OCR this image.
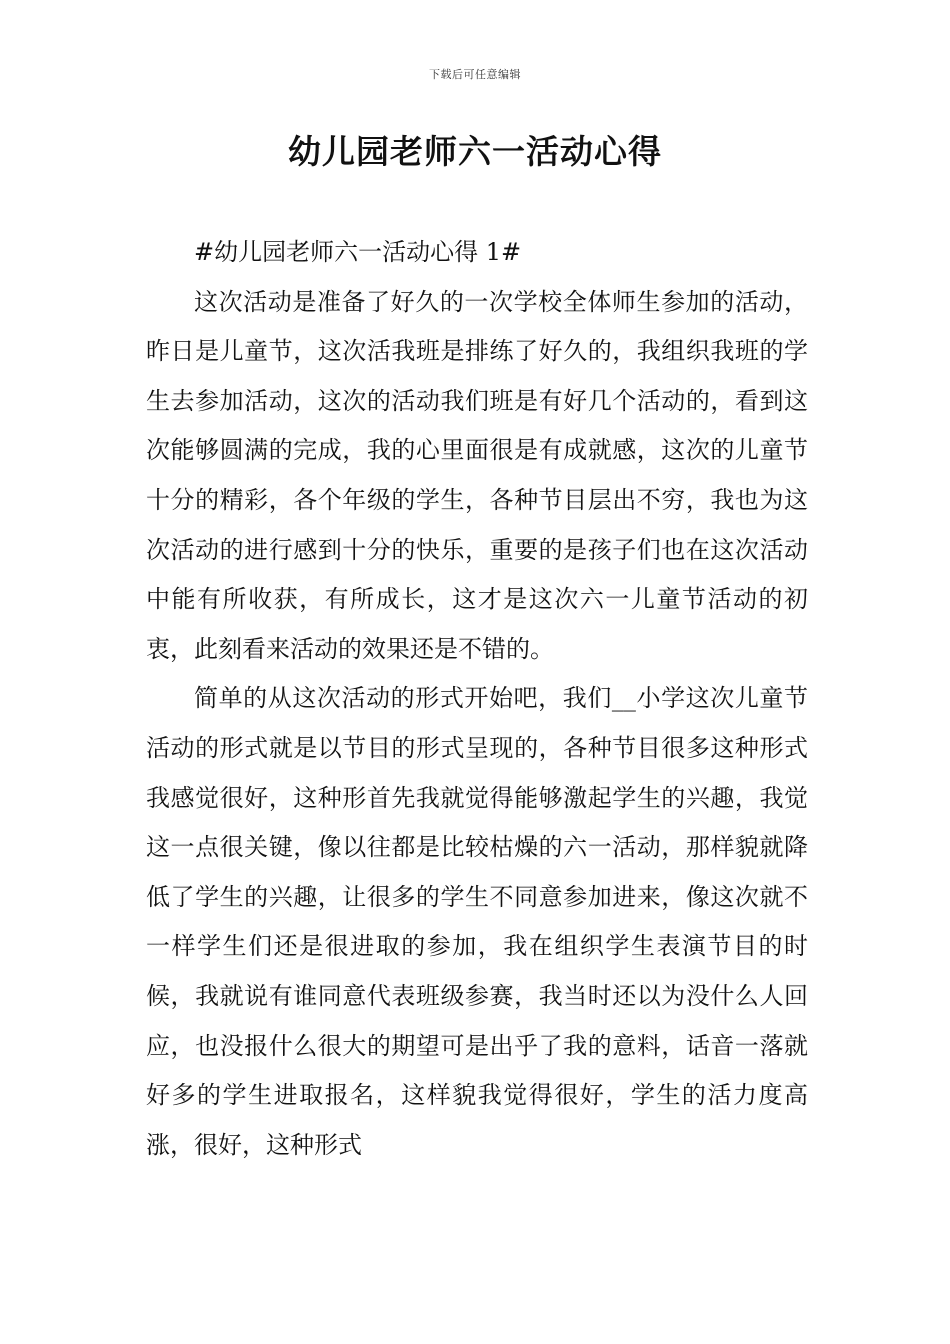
下载后可任意编辑
幼儿园老师六一活动心得

#幼儿园老师六一活动心得 1#

这次活动是准备了好久的一次学校全体师生参加的活动，昨日是儿童节，这次活我班是排练了好久的，我组织我班的学生去参加活动，这次的活动我们班是有好几个活动的，看到这次能够圆满的完成，我的心里面很是有成就感，这次的儿童节十分的精彩，各个年级的学生，各种节目层出不穷，我也为这次活动的进行感到十分的快乐，重要的是孩子们也在这次活动中能有所收获，有所成长，这才是这次六一儿童节活动的初衷，此刻看来活动的效果还是不错的。

简单的从这次活动的形式开始吧，我们__小学这次儿童节活动的形式就是以节目的形式呈现的，各种节目很多这种形式我感觉很好，这种形首先我就觉得能够激起学生的兴趣，我觉这一点很关键，像以往都是比较枯燥的六一活动，那样貌就降低了学生的兴趣，让很多的学生不同意参加进来，像这次就不一样学生们还是很进取的参加，我在组织学生表演节目的时候，我就说有谁同意代表班级参赛，我当时还以为没什么人回应，也没报什么很大的期望可是出乎了我的意料，话音一落就好多的学生进取报名，这样貌我觉得很好，学生的活力度高涨，很好，这种形式
